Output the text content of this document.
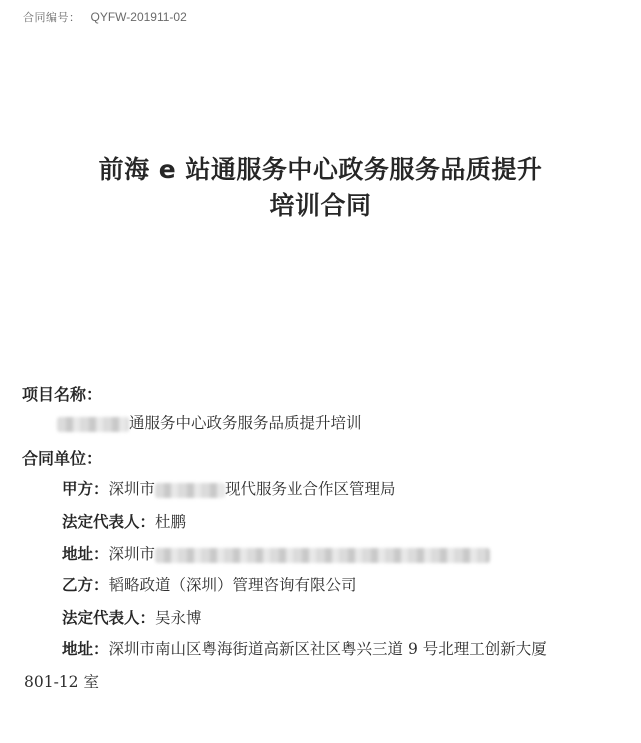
合同编号： QYFW-201911-02
前海 e 站通服务中心政务服务品质提升
培训合同
项目名称：
通服务中心政务服务品质提升培训
合同单位：
甲方：深圳市	现代服务业合作区管理局
法定代表人：杜鹏
地址：深圳市
乙方：韬略政道（深圳）管理咨询有限公司
法定代表人：吴永博
地址：深圳市南山区粤海街道高新区社区粤兴三道 9 号北理工创新大厦
801-12 室
